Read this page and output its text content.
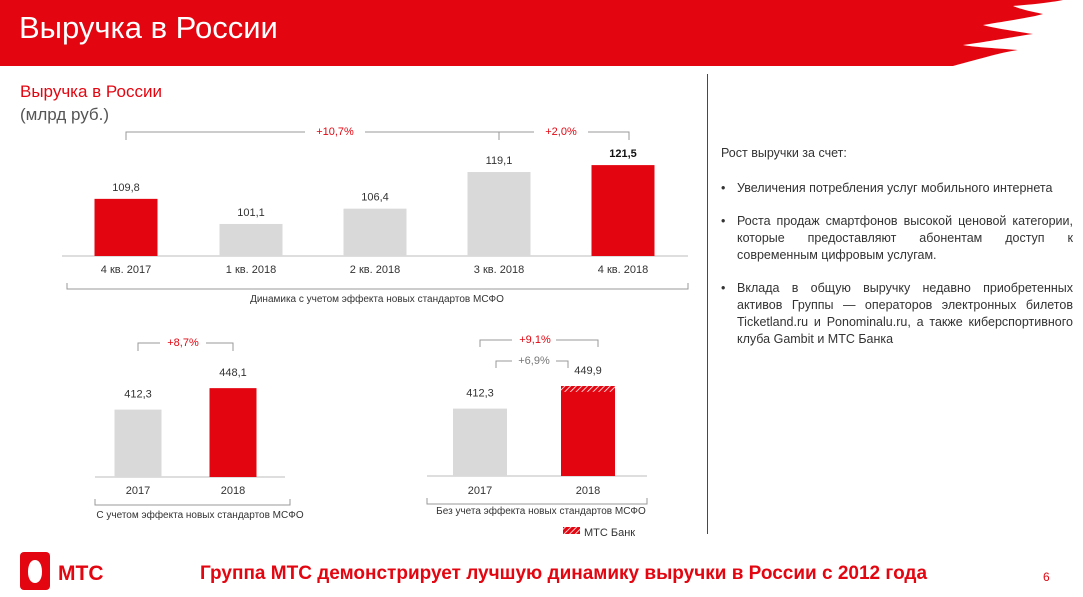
Выручка в России
Выручка в России
(млрд руб.)
109,8
4 кв. 2017
101,1
1 кв. 2018
106,4
2 кв. 2018
119,1
3 кв. 2018
121,5
4 кв. 2018
+10,7%	+2,0%
Динамика с учетом эффекта новых стандартов МСФО
412,3
2017
448,1
2018
+8,7%
С учетом эффекта новых стандартов МСФО
412,3
2017
449,9
2018
+9,1%
+6,9%
Без учета эффекта новых стандартов МСФО
МТС Банк
Рост выручки за счет:
• Увеличения потребления услуг мобильного интернета
• Роста продаж смартфонов высокой ценовой категории, которые предоставляют абонентам доступ к современным цифровым услугам.
• Вклада в общую выручку недавно приобретенных активов Группы — операторов электронных билетов Ticketland.ru и Ponominalu.ru, а также киберспортивного клуба Gambit и МТС Банка
МТС	Группа МТС демонстрирует лучшую динамику выручки в России с 2012 года	6
